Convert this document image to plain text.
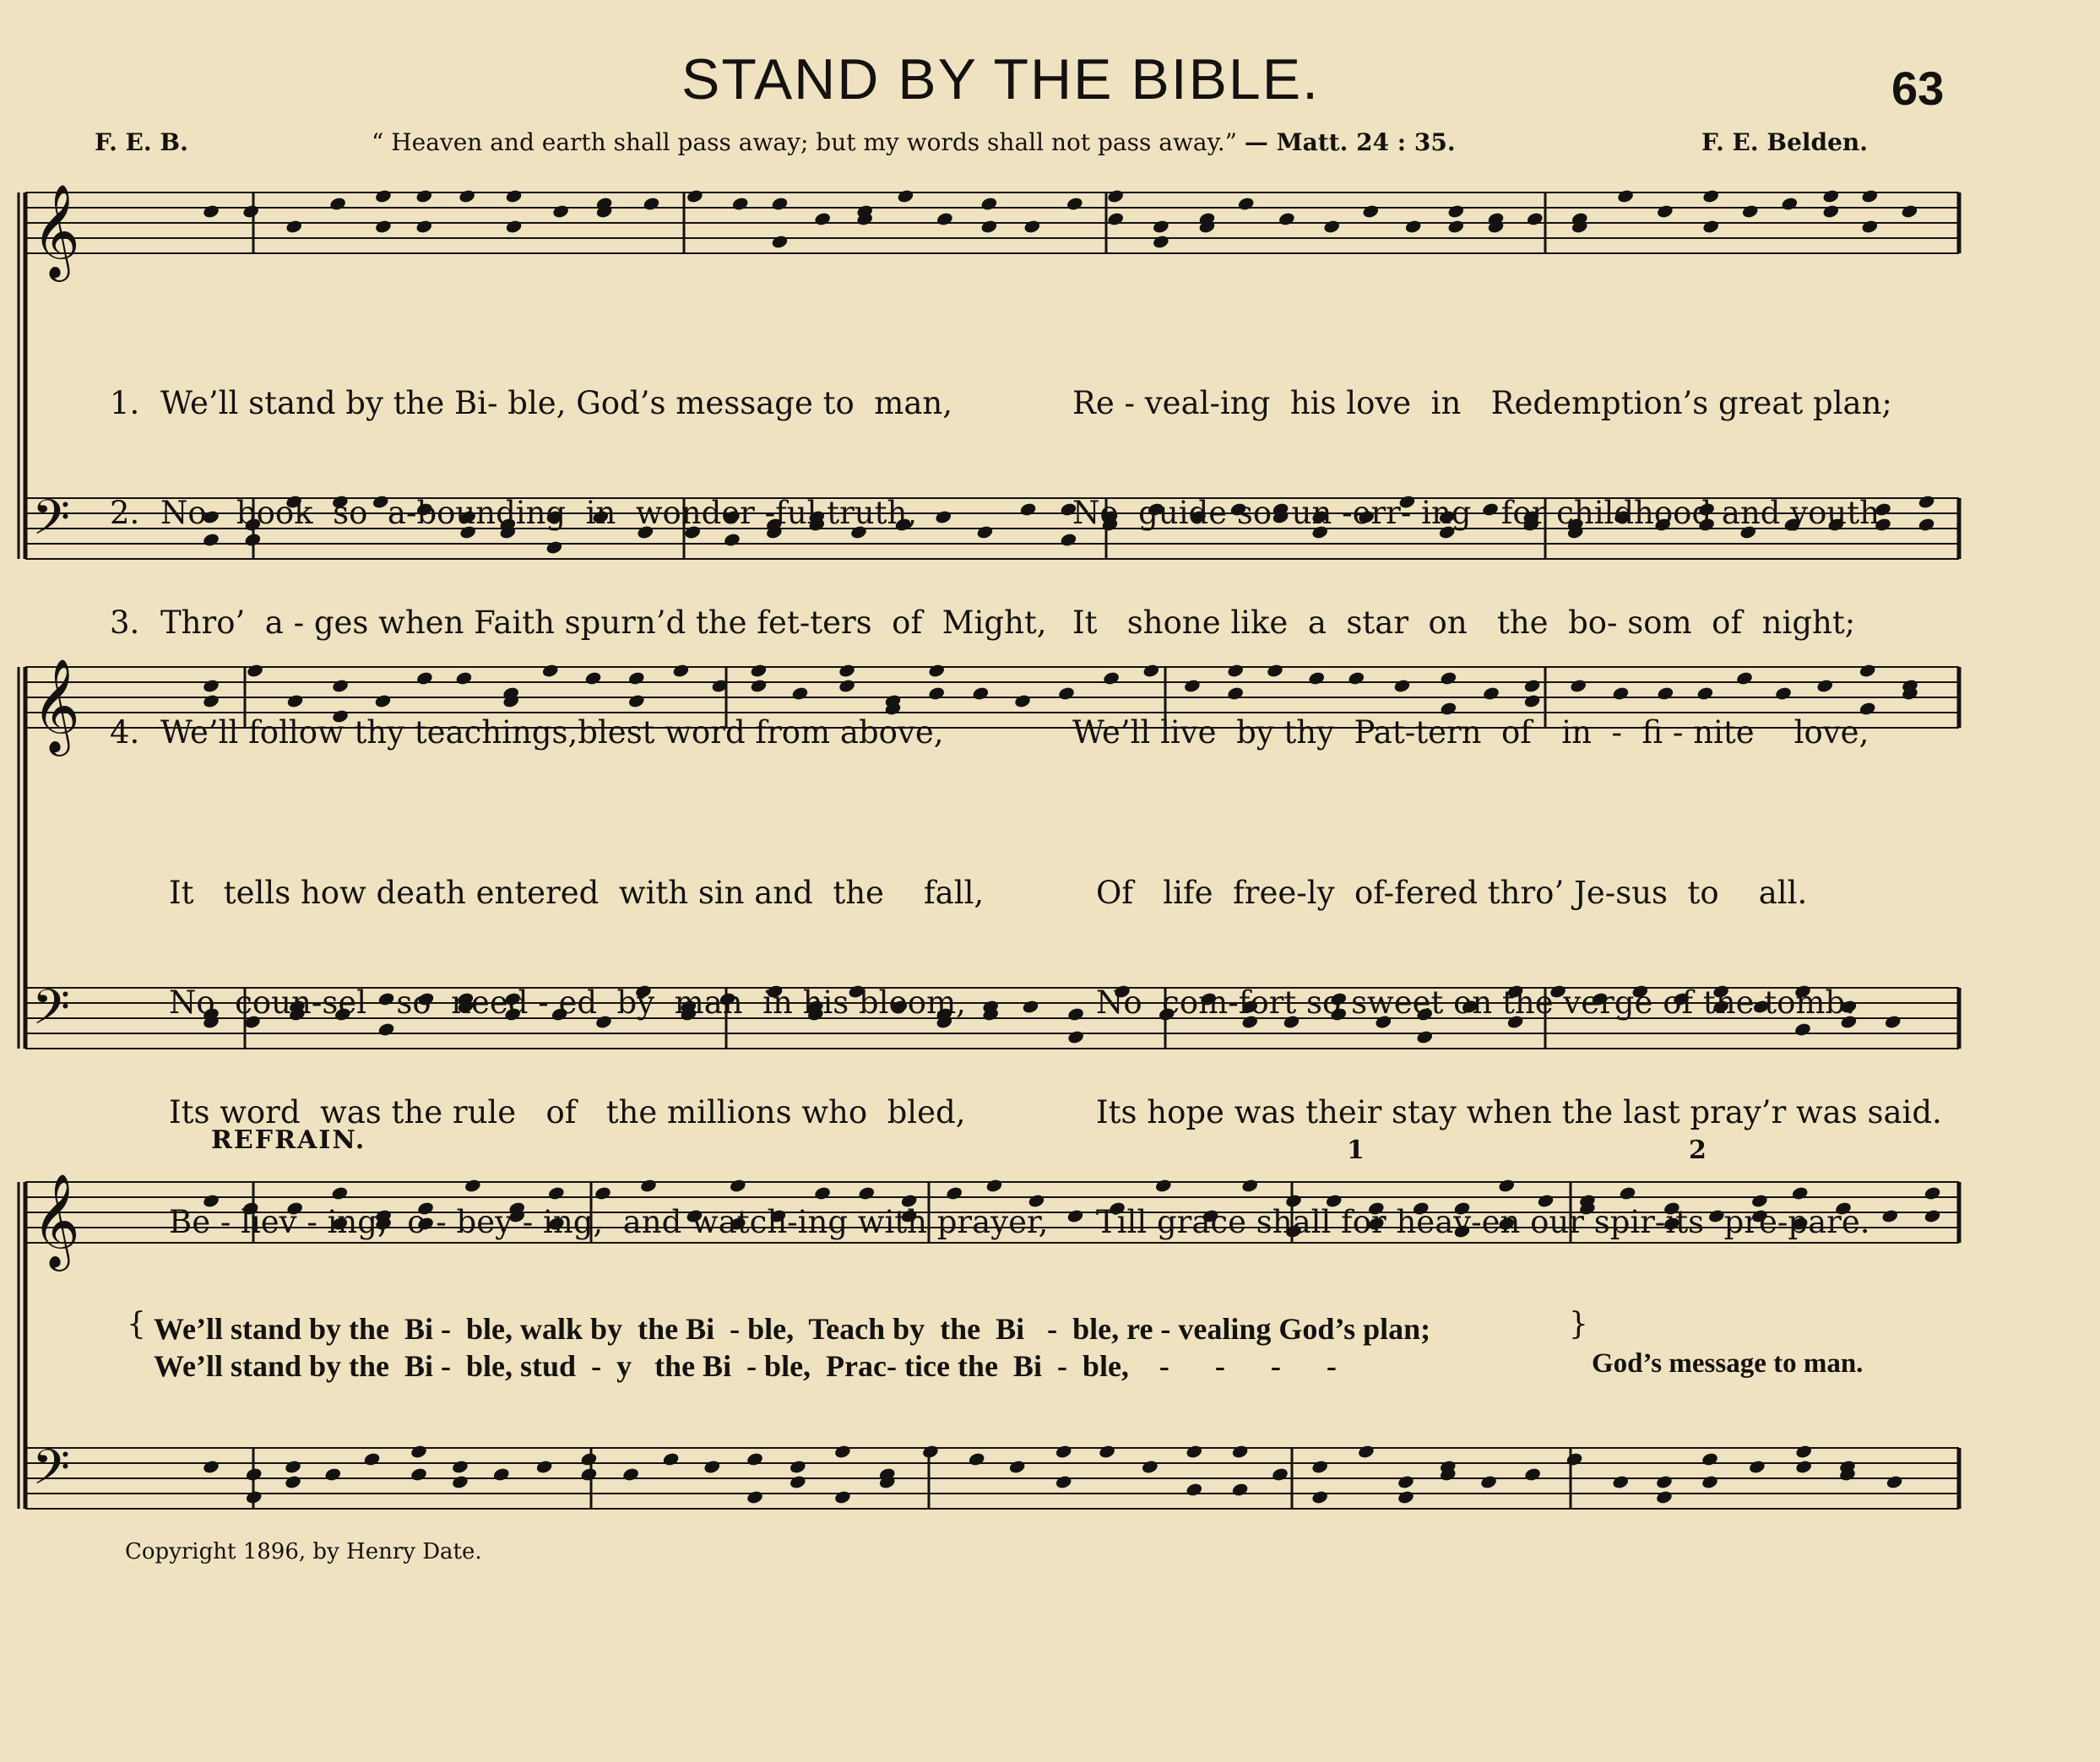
STAND BY THE BIBLE.	63
F. E. B.	“ Heaven and earth shall pass away; but my words shall not pass away.” — Matt. 24 : 35.	F. E. Belden.
𝄞
𝄢
𝄞
𝄢
𝄞
𝄢

1. We’ll stand by the Bi- ble, God’s message to  man,	Re - veal-ing  his love  in   Redemption’s great plan;

2. No   book  so  a-bounding  in  wonder -ful truth,	No  guide so  un -err- ing   for childhood and youth,

3. Thro’  a - ges when Faith spurn’d the fet-ters  of  Might, It   shone like  a  star  on   the  bo- som  of  night;

4. We’ll follow thy teachings,blest word from above,	We’ll live  by thy  Pat-tern  of   in  -  fi - nite    love,

It   tells how death entered  with sin and  the    fall,	Of   life  free-ly  of-fered thro’ Je-sus  to    all.

No  coun-sel   so  need - ed  by  man  in his bloom,	No  com-fort so sweet on the verge of the tomb.

Its word  was the rule   of   the millions who  bled,	Its hope was their stay when the last pray’r was said.

Be - liev - ing,  o - bey - ing,  and watch-ing with prayer, Till grace shall for heav-en our spir-its  pre-pare.

REFRAIN.	1	2
{ We’ll stand by the  Bi -  ble, walk by  the Bi  - ble,  Teach by  the  Bi   -  ble, re - vealing God’s plan;
We’ll stand by the  Bi -  ble, stud  -  y   the Bi  - ble,  Prac- tice the  Bi  -  ble,    -      -      -      -
}
God’s message to man.
Copyright 1896, by Henry Date.
